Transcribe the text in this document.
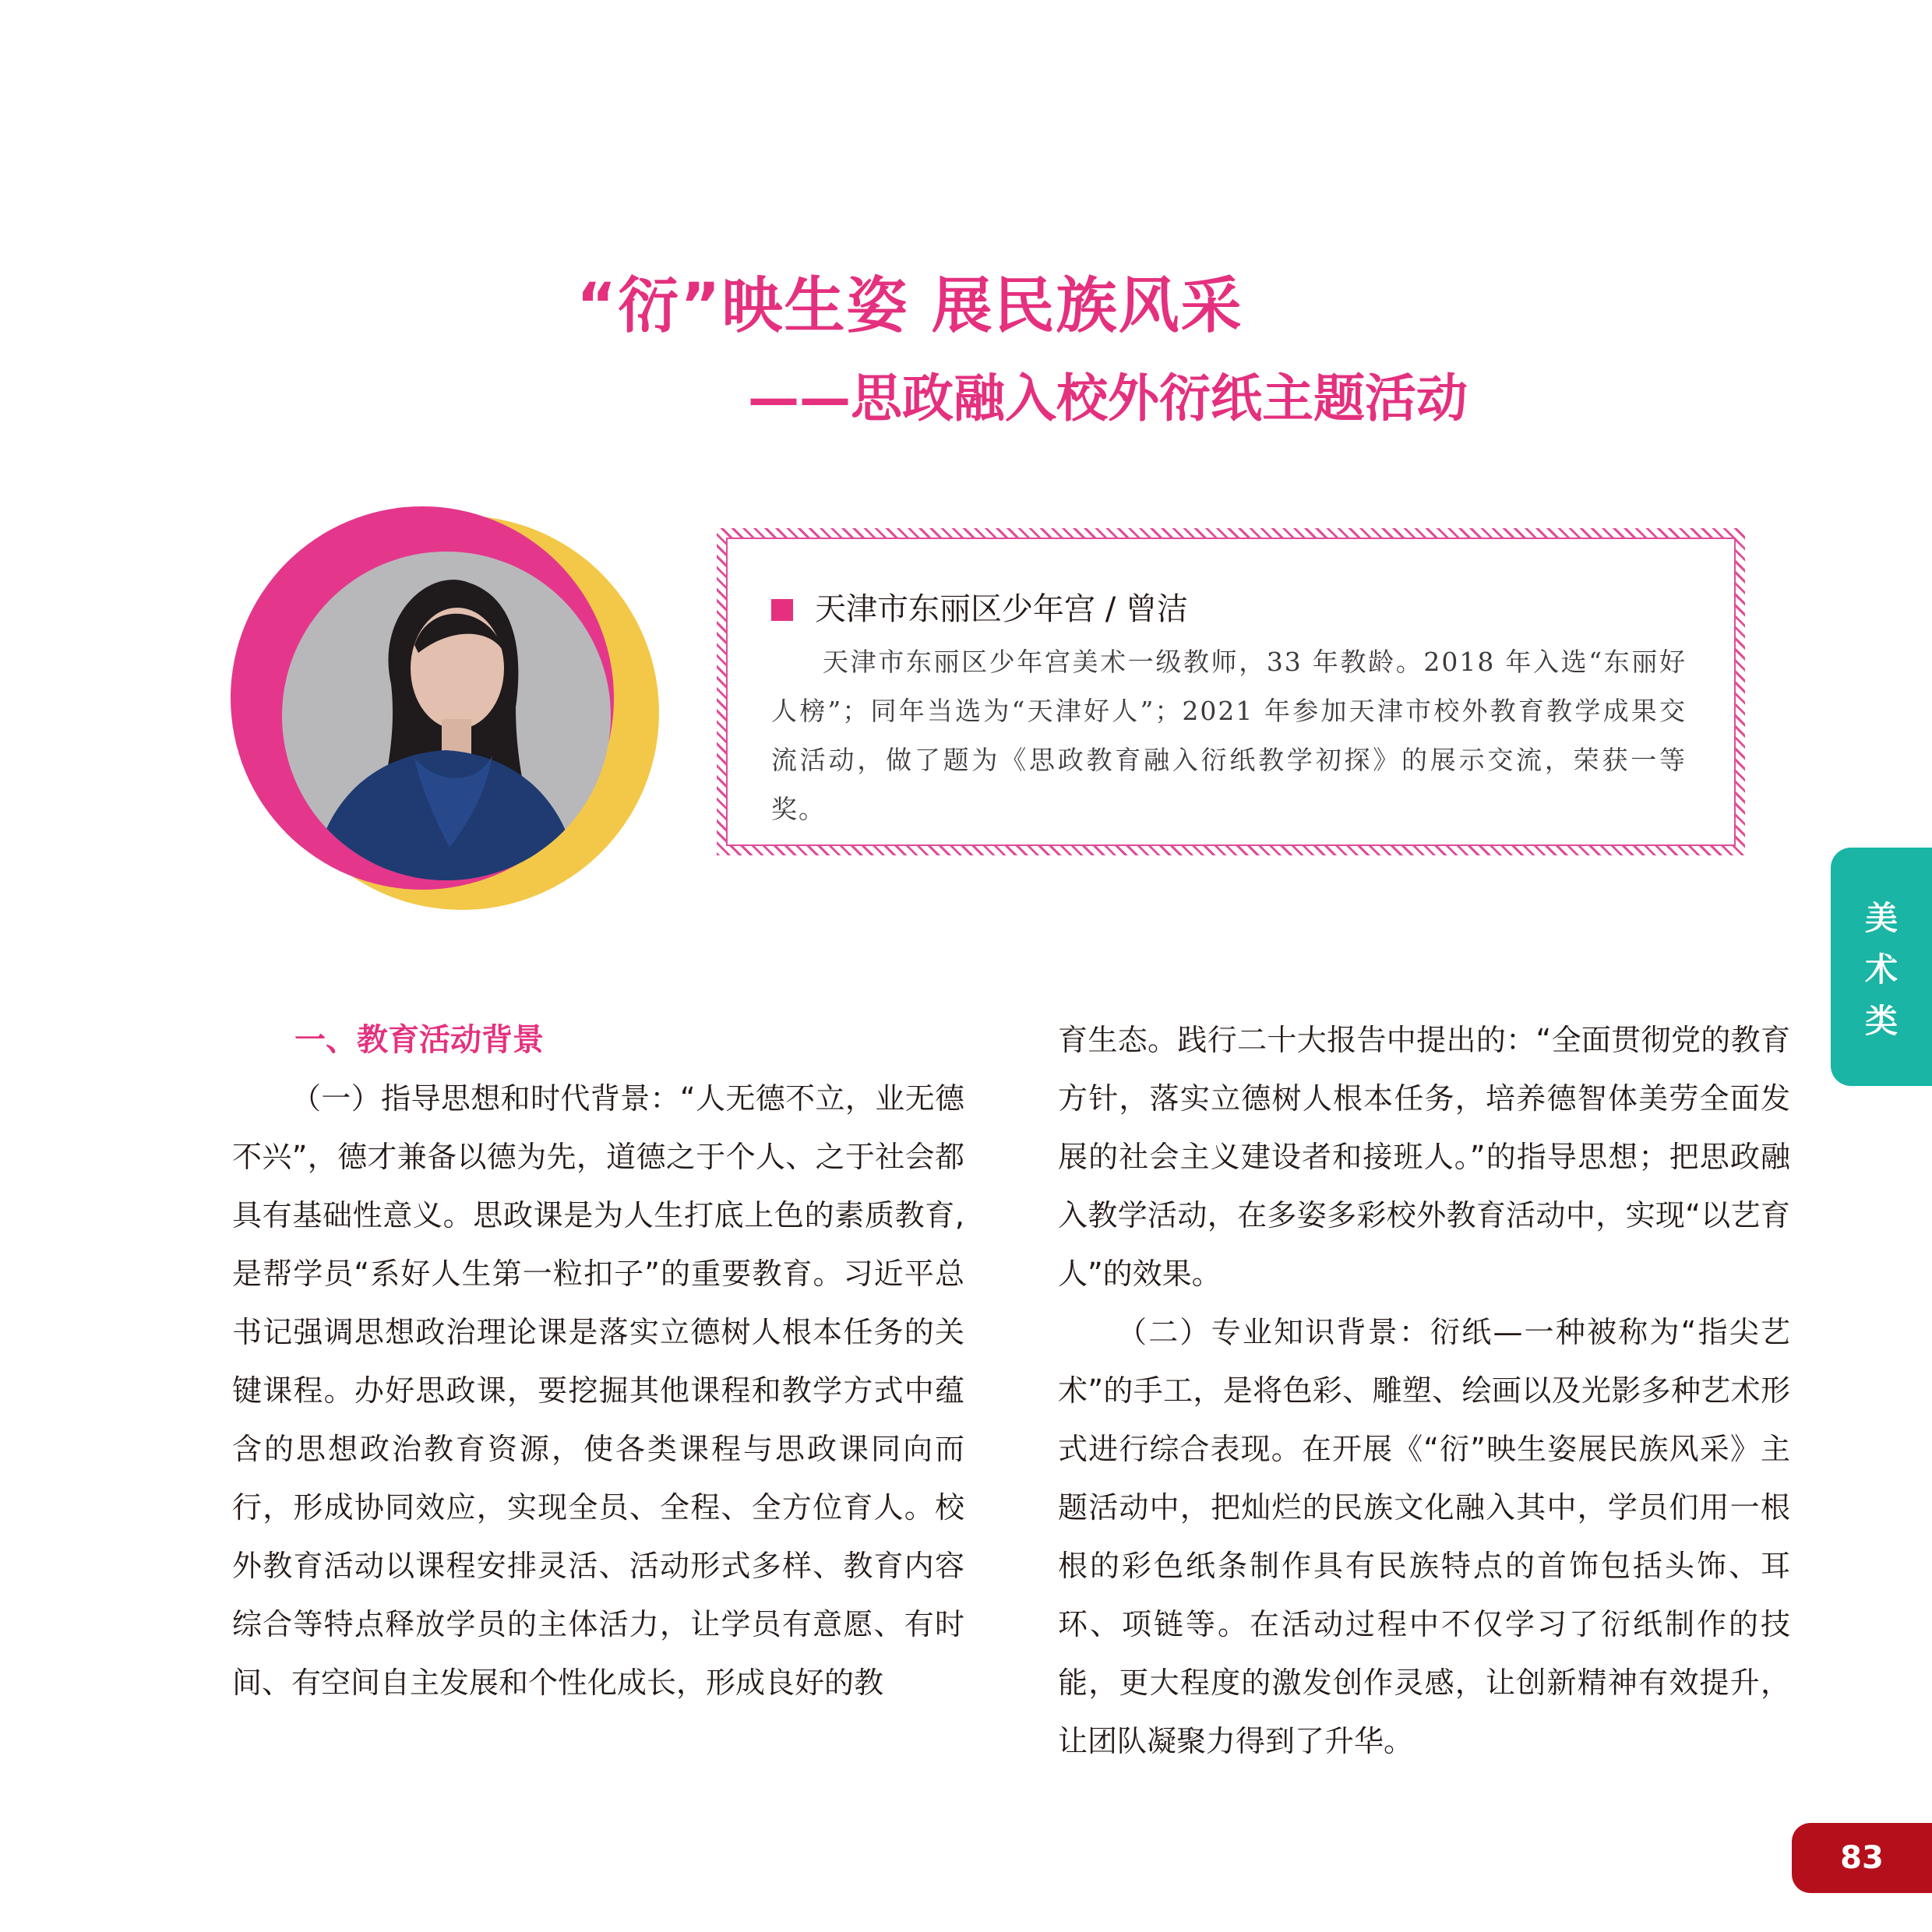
“衍”映生姿 展民族风采
——思政融入校外衍纸主题活动
天津市东丽区少年宫 / 曾洁
天津市东丽区少年宫美术一级教师，33 年教龄。2018 年入选“东丽好人榜”；同年当选为“天津好人”；2021 年参加天津市校外教育教学成果交流活动，做了题为《思政教育融入衍纸教学初探》的展示交流，荣获一等奖。
美
术
类
一、教育活动背景

（一）指导思想和时代背景：“人无德不立，业无德不兴”，德才兼备以德为先，道德之于个人、之于社会都具有基础性意义。思政课是为人生打底上色的素质教育,是帮学员“系好人生第一粒扣子”的重要教育。习近平总书记强调思想政治理论课是落实立德树人根本任务的关键课程。办好思政课，要挖掘其他课程和教学方式中蕴含的思想政治教育资源，使各类课程与思政课同向而行，形成协同效应，实现全员、全程、全方位育人。校外教育活动以课程安排灵活、活动形式多样、教育内容综合等特点释放学员的主体活力，让学员有意愿、有时间、有空间自主发展和个性化成长，形成良好的教

育生态。践行二十大报告中提出的：“全面贯彻党的教育方针，落实立德树人根本任务，培养德智体美劳全面发展的社会主义建设者和接班人。”的指导思想；把思政融入教学活动，在多姿多彩校外教育活动中，实现“以艺育人”的效果。

（二）专业知识背景：衍纸—一种被称为“指尖艺术”的手工，是将色彩、雕塑、绘画以及光影多种艺术形式进行综合表现。在开展《“衍”映生姿展民族风采》主题活动中，把灿烂的民族文化融入其中，学员们用一根根的彩色纸条制作具有民族特点的首饰包括头饰、耳环、项链等。在活动过程中不仅学习了衍纸制作的技能，更大程度的激发创作灵感，让创新精神有效提升，让团队凝聚力得到了升华。

83
